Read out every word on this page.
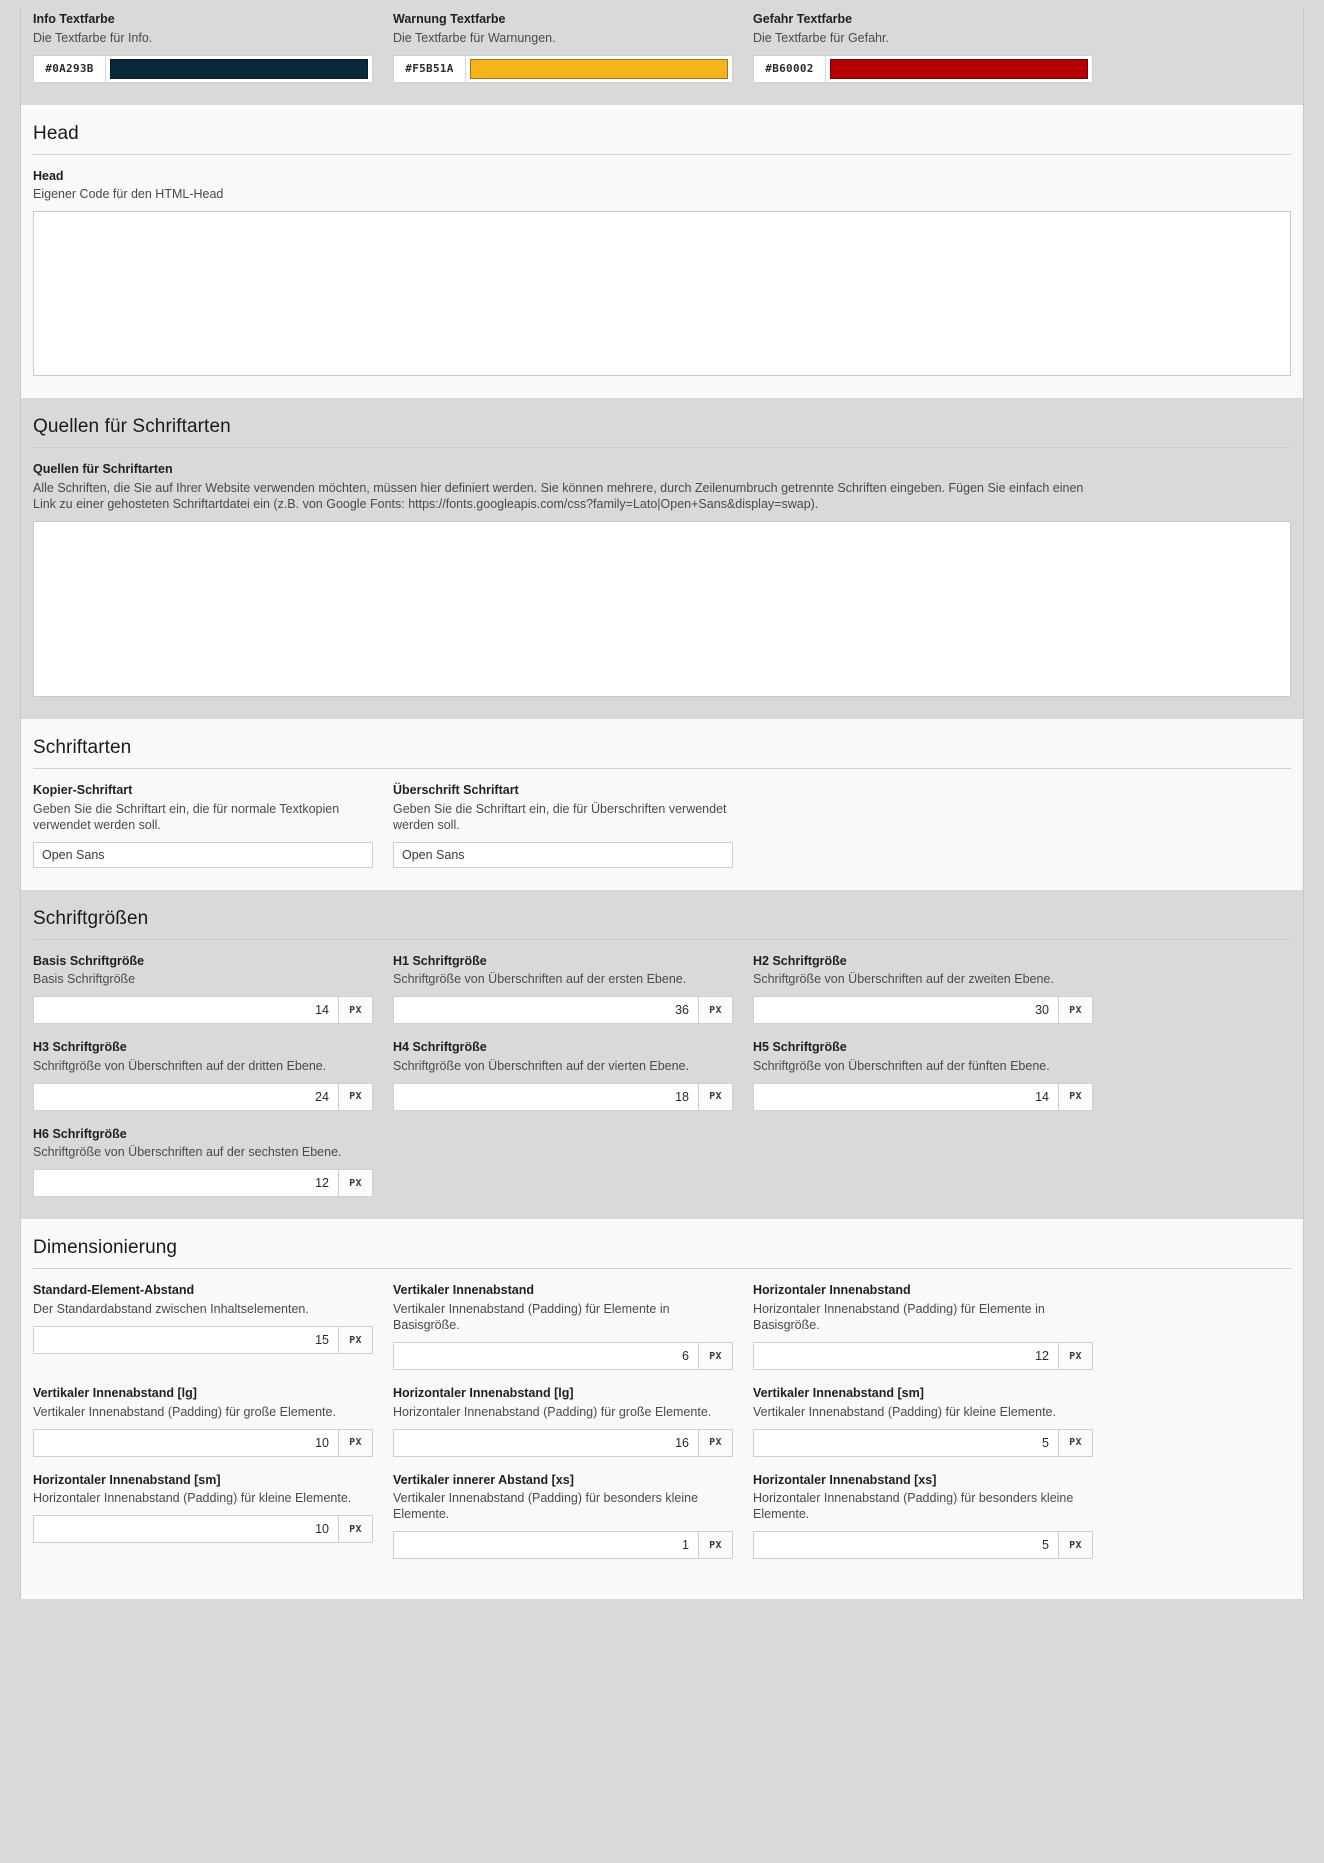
Info Textfarbe
Die Textfarbe für Info.
#0A293B
Warnung Textfarbe
Die Textfarbe für Warnungen.
#F5B51A
Gefahr Textfarbe
Die Textfarbe für Gefahr.
#B60002
Head
Head
Eigener Code für den HTML-Head
Quellen für Schriftarten
Quellen für Schriftarten
Alle Schriften, die Sie auf Ihrer Website verwenden möchten, müssen hier definiert werden. Sie können mehrere, durch Zeilenumbruch getrennte Schriften eingeben. Fügen Sie einfach einen Link zu einer gehosteten Schriftartdatei ein (z.B. von Google Fonts: https://fonts.googleapis.com/css?family=Lato|Open+Sans&display=swap).
Schriftarten
Kopier-Schriftart
Geben Sie die Schriftart ein, die für normale Textkopien verwendet werden soll.
Open Sans
Überschrift Schriftart
Geben Sie die Schriftart ein, die für Überschriften verwendet werden soll.
Open Sans
Schriftgrößen
Basis Schriftgröße
Basis Schriftgröße
14	PX
H1 Schriftgröße
Schriftgröße von Überschriften auf der ersten Ebene.
36	PX
H2 Schriftgröße
Schriftgröße von Überschriften auf der zweiten Ebene.
30	PX
H3 Schriftgröße
Schriftgröße von Überschriften auf der dritten Ebene.
24	PX
H4 Schriftgröße
Schriftgröße von Überschriften auf der vierten Ebene.
18	PX
H5 Schriftgröße
Schriftgröße von Überschriften auf der fünften Ebene.
14	PX
H6 Schriftgröße
Schriftgröße von Überschriften auf der sechsten Ebene.
12	PX
Dimensionierung
Standard-Element-Abstand
Der Standardabstand zwischen Inhaltselementen.
15	PX
Vertikaler Innenabstand
Vertikaler Innenabstand (Padding) für Elemente in Basisgröße.
6	PX
Horizontaler Innenabstand
Horizontaler Innenabstand (Padding) für Elemente in Basisgröße.
12	PX
Vertikaler Innenabstand [lg]
Vertikaler Innenabstand (Padding) für große Elemente.
10	PX
Horizontaler Innenabstand [lg]
Horizontaler Innenabstand (Padding) für große Elemente.
16	PX
Vertikaler Innenabstand [sm]
Vertikaler Innenabstand (Padding) für kleine Elemente.
5	PX
Horizontaler Innenabstand [sm]
Horizontaler Innenabstand (Padding) für kleine Elemente.
10	PX
Vertikaler innerer Abstand [xs]
Vertikaler Innenabstand (Padding) für besonders kleine Elemente.
1	PX
Horizontaler Innenabstand [xs]
Horizontaler Innenabstand (Padding) für besonders kleine Elemente.
5	PX
